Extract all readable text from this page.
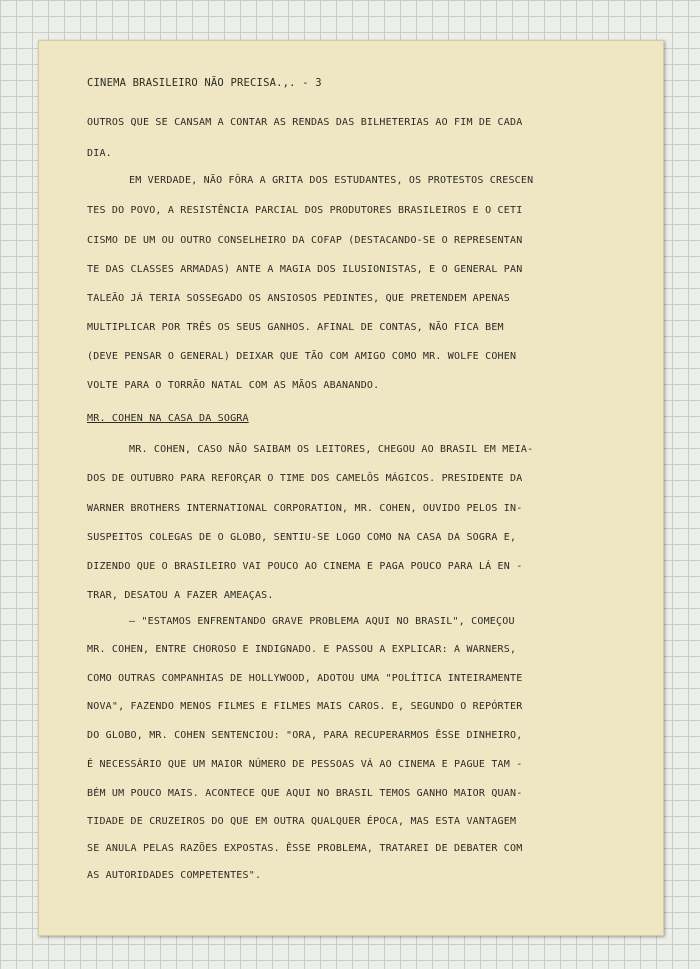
CINEMA BRASILEIRO NÃO PRECISA.,. - 3
OUTROS QUE SE CANSAM A CONTAR AS RENDAS DAS BILHETERIAS AO FIM DE CADA
DIA.
EM VERDADE, NÃO FÔRA A GRITA DOS ESTUDANTES, OS PROTESTOS CRESCEN
TES DO POVO, A RESISTÊNCIA PARCIAL DOS PRODUTORES BRASILEIROS E O CETI
CISMO DE UM OU OUTRO CONSELHEIRO DA COFAP (DESTACANDO-SE O REPRESENTAN
TE DAS CLASSES ARMADAS) ANTE A MAGIA DOS ILUSIONISTAS, E O GENERAL PAN
TALEÃO JÁ TERIA SOSSEGADO OS ANSIOSOS PEDINTES, QUE PRETENDEM APENAS
MULTIPLICAR POR TRÊS OS SEUS GANHOS. AFINAL DE CONTAS, NÃO FICA BEM
(DEVE PENSAR O GENERAL) DEIXAR QUE TÃO COM AMIGO COMO MR. WOLFE COHEN
VOLTE PARA O TORRÃO NATAL COM AS MÃOS ABANANDO.
MR. COHEN NA CASA DA SOGRA
MR. COHEN, CASO NÃO SAIBAM OS LEITORES, CHEGOU AO BRASIL EM MEIA-
DOS DE OUTUBRO PARA REFORÇAR O TIME DOS CAMELÔS MÁGICOS. PRESIDENTE DA
WARNER BROTHERS INTERNATIONAL CORPORATION, MR. COHEN, OUVIDO PELOS IN-
SUSPEITOS COLEGAS DE O GLOBO, SENTIU-SE LOGO COMO NA CASA DA SOGRA E,
DIZENDO QUE O BRASILEIRO VAI POUCO AO CINEMA E PAGA POUCO PARA LÁ EN -
TRAR, DESATOU A FAZER AMEAÇAS.
— "ESTAMOS ENFRENTANDO GRAVE PROBLEMA AQUI NO BRASIL", COMEÇOU
MR. COHEN, ENTRE CHOROSO E INDIGNADO. E PASSOU A EXPLICAR: A WARNERS,
COMO OUTRAS COMPANHIAS DE HOLLYWOOD, ADOTOU UMA "POLÍTICA INTEIRAMENTE
NOVA", FAZENDO MENOS FILMES E FILMES MAIS CAROS. E, SEGUNDO O REPÓRTER
DO GLOBO, MR. COHEN SENTENCIOU: "ORA, PARA RECUPERARMOS ÊSSE DINHEIRO,
É NECESSÁRIO QUE UM MAIOR NÚMERO DE PESSOAS VÁ AO CINEMA E PAGUE TAM -
BÉM UM POUCO MAIS. ACONTECE QUE AQUI NO BRASIL TEMOS GANHO MAIOR QUAN-
TIDADE DE CRUZEIROS DO QUE EM OUTRA QUALQUER ÉPOCA, MAS ESTA VANTAGEM
SE ANULA PELAS RAZÕES EXPOSTAS. ÊSSE PROBLEMA, TRATAREI DE DEBATER COM
AS AUTORIDADES COMPETENTES".
